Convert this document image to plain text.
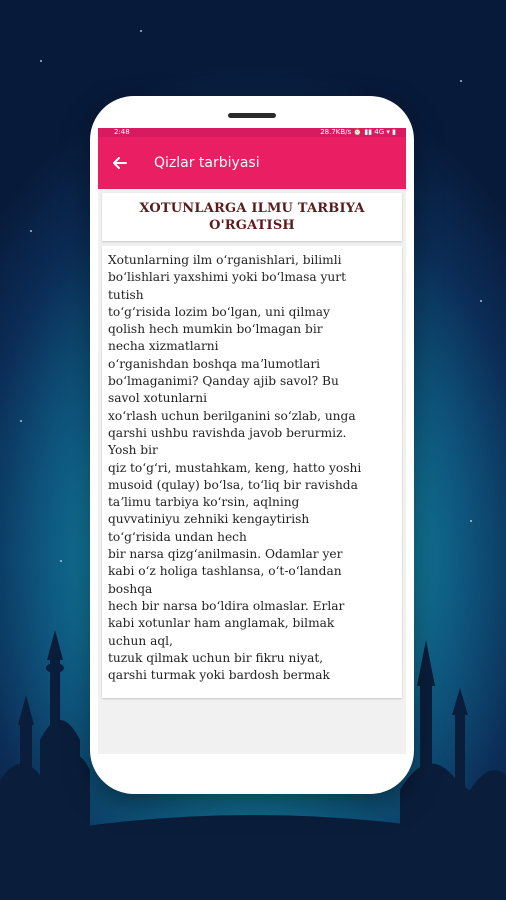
2:48	28.7KB/s ⏰ ▮▮ 4G ▾ ▮
Qizlar tarbiyasi
XOTUNLARGA ILMU TARBIYA
O'RGATISH
Xotunlarning ilm oʻrganishlari, bilimli
boʻlishlari yaxshimi yoki boʻlmasa yurt
tutish
toʻgʻrisida lozim boʻlgan, uni qilmay
qolish hech mumkin boʻlmagan bir
necha xizmatlarni
oʻrganishdan boshqa maʼlumotlari
boʻlmaganimi? Qanday ajib savol? Bu
savol xotunlarni
xoʻrlash uchun berilganini soʻzlab, unga
qarshi ushbu ravishda javob berurmiz.
Yosh bir
qiz toʻgʻri, mustahkam, keng, hatto yoshi
musoid (qulay) boʻlsa, toʻliq bir ravishda
taʼlimu tarbiya koʻrsin, aqlning
quvvatiniyu zehniki kengaytirish
toʻgʻrisida undan hech
bir narsa qizgʻanilmasin. Odamlar yer
kabi oʻz holiga tashlansa, oʻt-oʻlandan
boshqa
hech bir narsa boʻldira olmaslar. Erlar
kabi xotunlar ham anglamak, bilmak
uchun aql,
tuzuk qilmak uchun bir fikru niyat,
qarshi turmak yoki bardosh bermak
